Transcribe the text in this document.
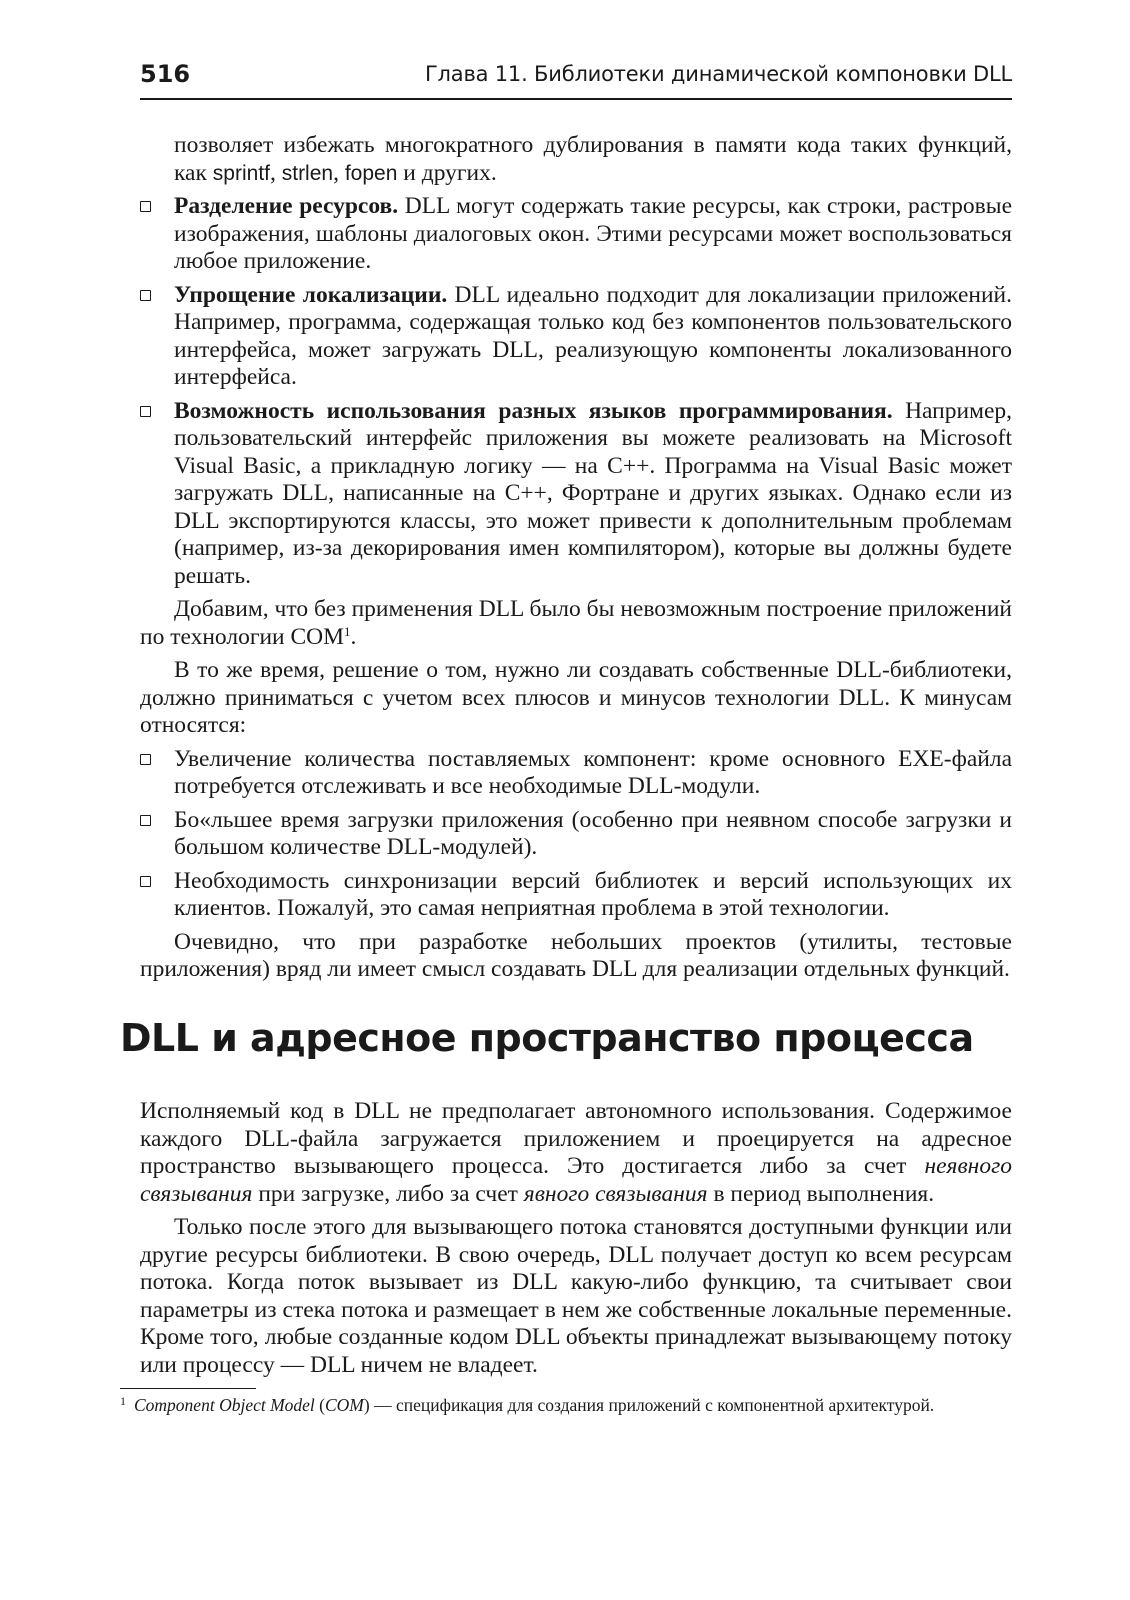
516	Глава 11. Библиотеки динамической компоновки DLL

позволяет избежать многократного дублирования в памяти кода таких функций, как sprintf, strlen, fopen и других.

Разделение ресурсов. DLL могут содержать такие ресурсы, как строки, растровые изображения, шаблоны диалоговых окон. Этими ресурсами может воспользоваться любое приложение.
Упрощение локализации. DLL идеально подходит для локализации приложений. Например, программа, содержащая только код без компонентов пользовательского интерфейса, может загружать DLL, реализующую компоненты локализованного интерфейса.
Возможность использования разных языков программирования. Например, пользовательский интерфейс приложения вы можете реализовать на Microsoft Visual Basic, а прикладную логику — на C++. Программа на Visual Basic может загружать DLL, написанные на C++, Фортране и других языках. Однако если из DLL экспортируются классы, это может привести к дополнительным проблемам (например, из-за декорирования имен компилятором), которые вы должны будете решать.

Добавим, что без применения DLL было бы невозможным построение приложений по технологии COM$^1$.

В то же время, решение о том, нужно ли создавать собственные DLL-библиотеки, должно приниматься с учетом всех плюсов и минусов технологии DLL. К минусам относятся:

Увеличение количества поставляемых компонент: кроме основного EXE-файла потребуется отслеживать и все необходимые DLL-модули.
Бо«льшее время загрузки приложения (особенно при неявном способе загрузки и большом количестве DLL-модулей).
Необходимость синхронизации версий библиотек и версий использующих их клиентов. Пожалуй, это самая неприятная проблема в этой технологии.

Очевидно, что при разработке небольших проектов (утилиты, тестовые приложения) вряд ли имеет смысл создавать DLL для реализации отдельных функций.

DLL и адресное пространство процесса

Исполняемый код в DLL не предполагает автономного использования. Содержимое каждого DLL-файла загружается приложением и проецируется на адресное пространство вызывающего процесса. Это достигается либо за счет неявного связывания при загрузке, либо за счет явного связывания в период выполнения.

Только после этого для вызывающего потока становятся доступными функции или другие ресурсы библиотеки. В свою очередь, DLL получает доступ ко всем ресурсам потока. Когда поток вызывает из DLL какую-либо функцию, та считывает свои параметры из стека потока и размещает в нем же собственные локальные переменные. Кроме того, любые созданные кодом DLL объекты принадлежат вызывающему потоку или процессу — DLL ничем не владеет.

1 Component Object Model (COM) — спецификация для создания приложений с компонентной архитектурой.
